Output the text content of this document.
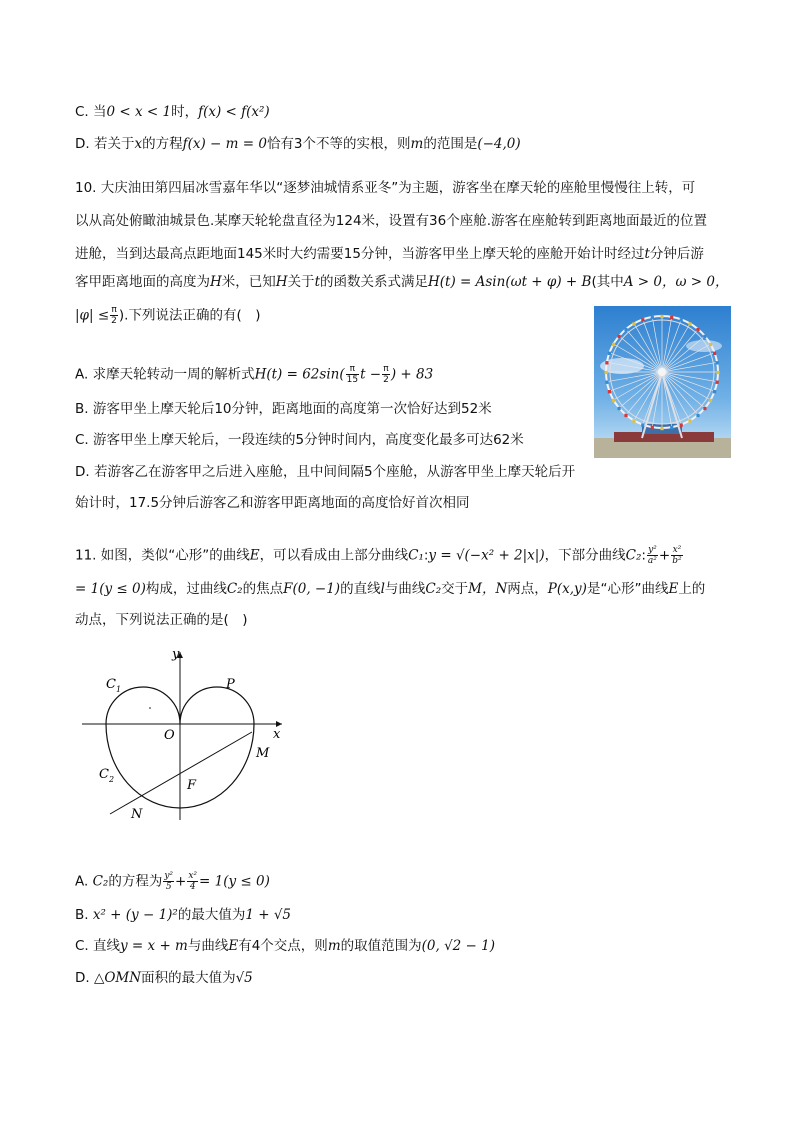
C. 当0 < x < 1时，f(x) < f(x²)
D. 若关于x的方程f(x) − m = 0恰有3个不等的实根，则m的范围是(−4,0)
10. 大庆油田第四届冰雪嘉年华以“逐梦油城情系亚冬”为主题，游客坐在摩天轮的座舱里慢慢往上转，可
以从高处俯瞰油城景色.某摩天轮轮盘直径为124米，设置有36个座舱.游客在座舱转到距离地面最近的位置
进舱，当到达最高点距地面145米时大约需要15分钟，当游客甲坐上摩天轮的座舱开始计时经过t分钟后游
客甲距离地面的高度为H米，已知H关于t的函数关系式满足H(t) = Asin(ωt + φ) + B(其中A > 0，ω > 0，
$|\varphi| \le \frac{\pi}{2}$ ).下列说法正确的有(　)
A. 求摩天轮转动一周的解析式$H(t) = 62\sin( \frac{\pi}{15}$ $t - \frac{\pi}{2}$ ) + 83
B. 游客甲坐上摩天轮后10分钟，距离地面的高度第一次恰好达到52米
C. 游客甲坐上摩天轮后，一段连续的5分钟时间内，高度变化最多可达62米
D. 若游客乙在游客甲之后进入座舱，且中间间隔5个座舱，从游客甲坐上摩天轮后开
始计时，17.5分钟后游客乙和游客甲距离地面的高度恰好首次相同
11. 如图，类似“心形”的曲线E，可以看成由上部分曲线C₁:y = √(−x² + 2|x|)，下部分曲线C₂: $\frac{\text{y²}}{\text{a²}} + \frac{\text{x²}}{\text{b²}}$
= 1(y ≤ 0)构成，过曲线C₂的焦点F(0, −1)的直线l与曲线C₂交于M，N两点，P(x,y)是“心形”曲线E上的
动点，下列说法正确的是(　)
y
x
O
$C_1$
$C_2$
P
M
F
N
A. C₂的方程为 $\frac{\text{y²}}{5} + \frac{\text{x²}}{4} = 1(y \le 0)$
B. x² + (y − 1)²的最大值为1 + √5
C. 直线y = x + m与曲线E有4个交点，则m的取值范围为(0, √2 − 1)
D. △OMN面积的最大值为√5
